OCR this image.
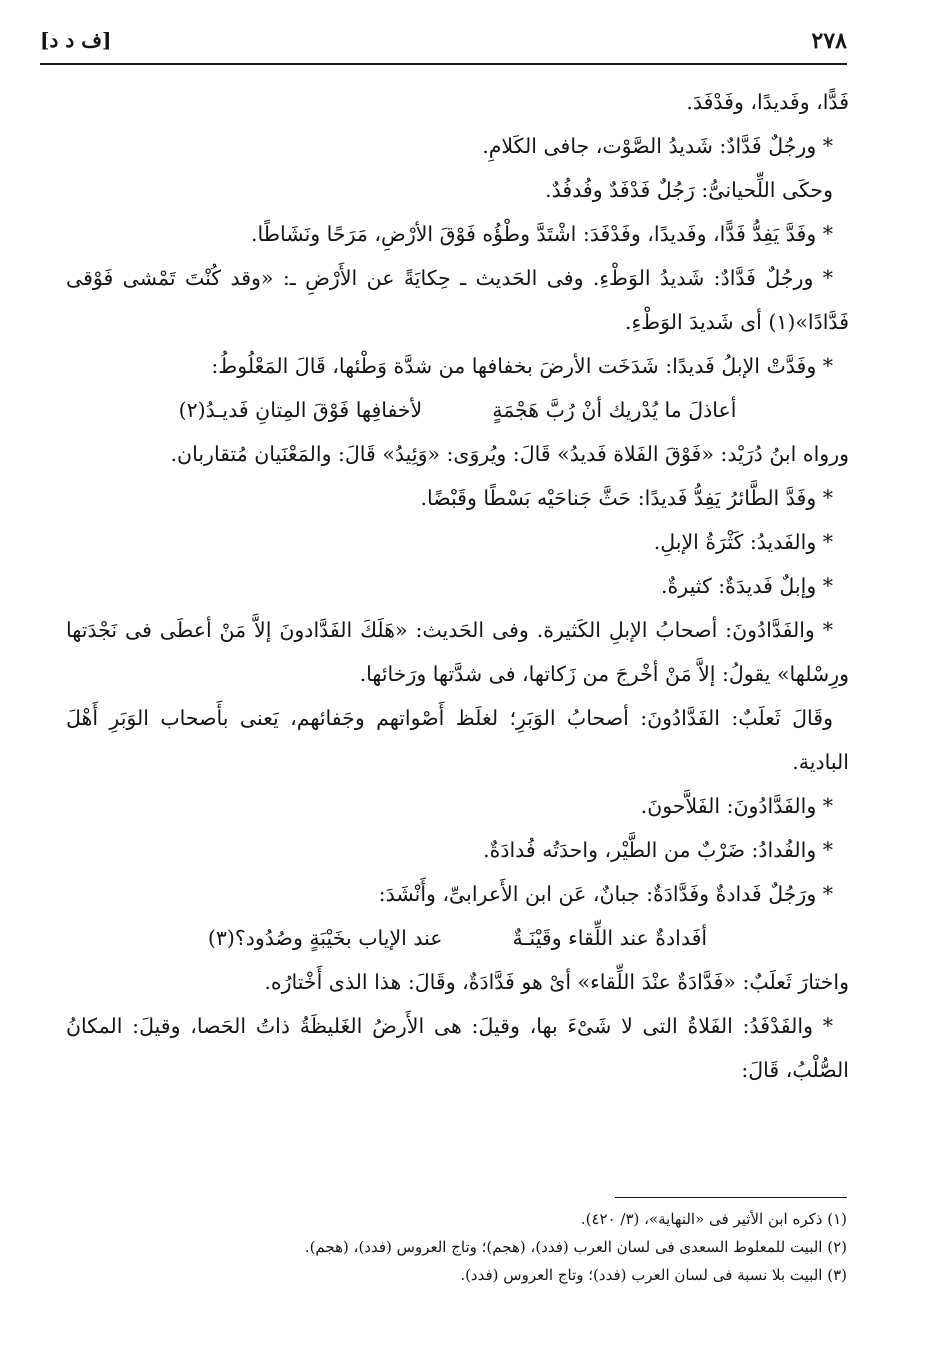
٢٧٨
[ف د د]

فَدًّا، وفَديدًا، وفَدْفَدَ.

* ورجُلٌ فَدَّادٌ: شَديدُ الصَّوْت، جافى الكَلامِ.

وحكَى اللِّحيانىُّ: رَجُلٌ فَدْفَدٌ وفُدفُدٌ.

* وفَدَّ يَفِدُّ فَدًّا، وفَديدًا، وفَدْفَدَ: اشْتَدَّ وطْؤُه فَوْقَ الأرْضِ، مَرَحًا ونَشَاطًا.

* ورجُلٌ فَدَّادٌ: شَديدُ الوَطْءِ. وفى الحَديث ـ حِكايَةً عن الأَرْضِ ـ: «وقد كُنْتَ تَمْشى فَوْقى فَدَّادًا»(١) أى شَديدَ الوَطْءِ.

* وفَدَّتْ الإبلُ فَديدًا: شَدَخَت الأرضَ بخفافها من شدَّة وَطْئها، قَالَ المَعْلُوطُ:

أعاذلَ ما يُدْريك أنْ رُبَّ هَجْمَةٍ
لأخفافِها فَوْقَ المِتانِ فَديـدُ(٢)

ورواه ابنُ دُرَيْد: «فَوْقَ الفَلاة فَديدُ» قَالَ: ويُروَى: «وَئِيدُ» قَالَ: والمَعْنَيان مُتقاربان.

* وفَدَّ الطَّائرُ يَفِدُّ فَديدًا: حَثَّ جَناحَيْه بَسْطًا وقَبْضًا.

* والفَديدُ: كَثْرَةُ الإبلِ.

* وإبلٌ فَديدَةٌ: كثيرةٌ.

* والفَدَّادُونَ: أصحابُ الإبلِ الكَثيرة. وفى الحَديث: «هَلَكَ الفَدَّادونَ إلاَّ مَنْ أعطَى فى نَجْدَتها ورِسْلها» يقولُ: إلاَّ مَنْ أخْرجَ من زَكاتها، فى شدَّتها ورَخائها.

وقَالَ ثَعلَبٌ: الفَدَّادُونَ: أصحابُ الوَبَرِ؛ لغلَظ أَصْواتهم وجَفائهم، يَعنى بأَصحاب الوَبَرِ أَهْلَ البادية.

* والفَدَّادُونَ: الفَلاَّحونَ.

* والفُدادُ: ضَرْبٌ من الطَّيْر، واحدَتُه فُدادَةٌ.

* ورَجُلٌ فَدادةٌ وفَدَّادَةٌ: جبانٌ، عَن ابن الأَعرابىِّ، وأَنْشَدَ:

أفَدادةٌ عند اللِّقاء وقَيْنَـةٌ
عند الإياب بخَيْبَةٍ وصُدُود؟(٣)

واختارَ ثَعلَبٌ: «فَدَّادَةٌ عنْدَ اللِّقاء» أىْ هو فَدَّادَةٌ، وقَالَ: هذا الذى أَخْتارُه.

* والفَدْفَدُ: الفَلاةُ التى لا شَىْءَ بها، وقيلَ: هى الأَرضُ الغَليظَةُ ذاتُ الحَصا، وقيلَ: المكانُ الصُّلْبُ، قَالَ:

(١) ذكره ابن الأثير فى «النهاية»، (٣/ ٤٢٠).

(٢) البيت للمعلوط السعدى فى لسان العرب (فدد)، (هجم)؛ وتاج العروس (فدد)، (هجم).

(٣) البيت بلا نسبة فى لسان العرب (فدد)؛ وتاج العروس (فدد).
